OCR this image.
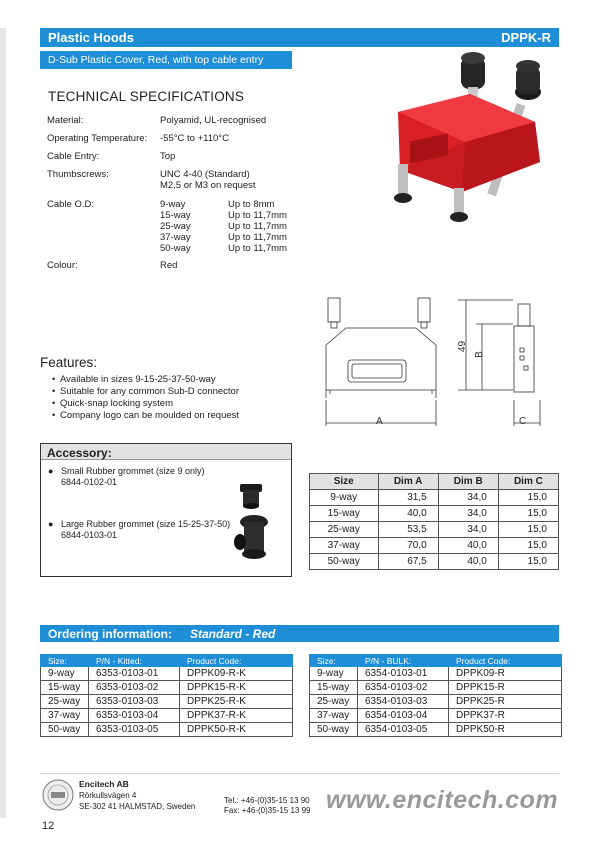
Plastic Hoods	DPPK-R
D-Sub Plastic Cover, Red, with top cable entry
TECHNICAL SPECIFICATIONS
Material:	Polyamid, UL-recognised
Operating Temperature: -55°C to +110°C
Cable Entry:	Top
Thumbscrews:	UNC 4-40 (Standard)
M2,5 or M3 on request
Cable O.D:	9-way	Up to 8mm
15-way	Up to 11,7mm
25-way	Up to 11,7mm
37-way	Up to 11,7mm
50-way	Up to 11,7mm
Colour:	Red
A
49
B
C
Features:
• Available in sizes 9-15-25-37-50-way
• Suitable for any common Sub-D connector
• Quick-snap locking system
• Company logo can be moulded on request
Accessory:
● Small Rubber grommet (size 9 only)
6844-0102-01
● Large Rubber grommet (size 15-25-37-50)
6844-0103-01
Size	Dim A	Dim B	Dim C
9-way	31,5	34,0	15,0
15-way	40,0	34,0	15,0
25-way	53,5	34,0	15,0
37-way	70,0	40,0	15,0
50-way	67,5	40,0	15,0
Ordering information: Standard - Red
Size:	P/N - Kitted:	Product Code:
9-way	6353-0103-01	DPPK09-R-K
15-way	6353-0103-02	DPPK15-R-K
25-way	6353-0103-03	DPPK25-R-K
37-way	6353-0103-04	DPPK37-R-K
50-way	6353-0103-05	DPPK50-R-K
Size:	P/N - BULK:	Product Code:
9-way	6354-0103-01	DPPK09-R
15-way	6354-0103-02	DPPK15-R
25-way	6354-0103-03	DPPK25-R
37-way	6354-0103-04	DPPK37-R
50-way	6354-0103-05	DPPK50-R
Encitech AB
Rörkullsvägen 4
SE-302 41 HALMSTAD, Sweden
Tel.: +46-(0)35-15 13 90
Fax: +46-(0)35-15 13 99 www.encitech.com
12
